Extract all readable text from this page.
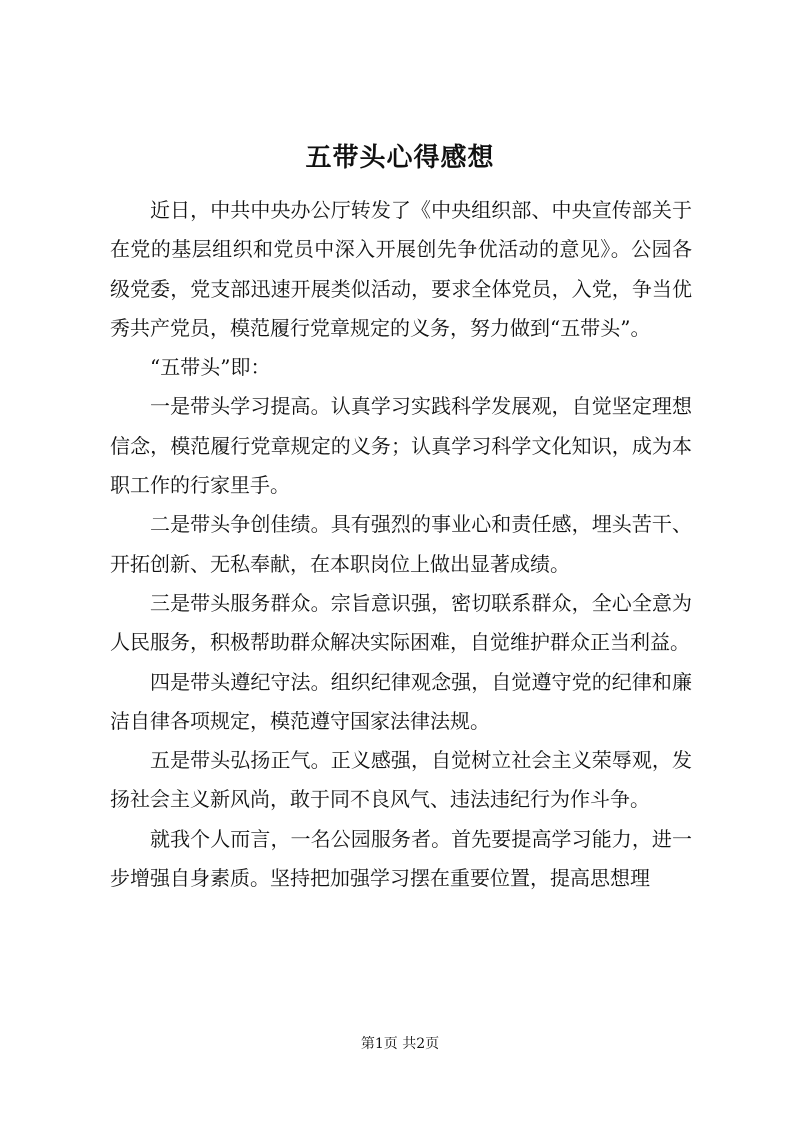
五带头心得感想

近日，中共中央办公厅转发了《中央组织部、中央宣传部关于在党的基层组织和党员中深入开展创先争优活动的意见》。公园各级党委，党支部迅速开展类似活动，要求全体党员，入党，争当优秀共产党员，模范履行党章规定的义务，努力做到“五带头”。

“五带头”即：

一是带头学习提高。认真学习实践科学发展观，自觉坚定理想信念，模范履行党章规定的义务；认真学习科学文化知识，成为本职工作的行家里手。

二是带头争创佳绩。具有强烈的事业心和责任感，埋头苦干、开拓创新、无私奉献，在本职岗位上做出显著成绩。

三是带头服务群众。宗旨意识强，密切联系群众，全心全意为人民服务，积极帮助群众解决实际困难，自觉维护群众正当利益。

四是带头遵纪守法。组织纪律观念强，自觉遵守党的纪律和廉洁自律各项规定，模范遵守国家法律法规。

五是带头弘扬正气。正义感强，自觉树立社会主义荣辱观，发扬社会主义新风尚，敢于同不良风气、违法违纪行为作斗争。

就我个人而言，一名公园服务者。首先要提高学习能力，进一步增强自身素质。坚持把加强学习摆在重要位置，提高思想理

第1页 共2页
